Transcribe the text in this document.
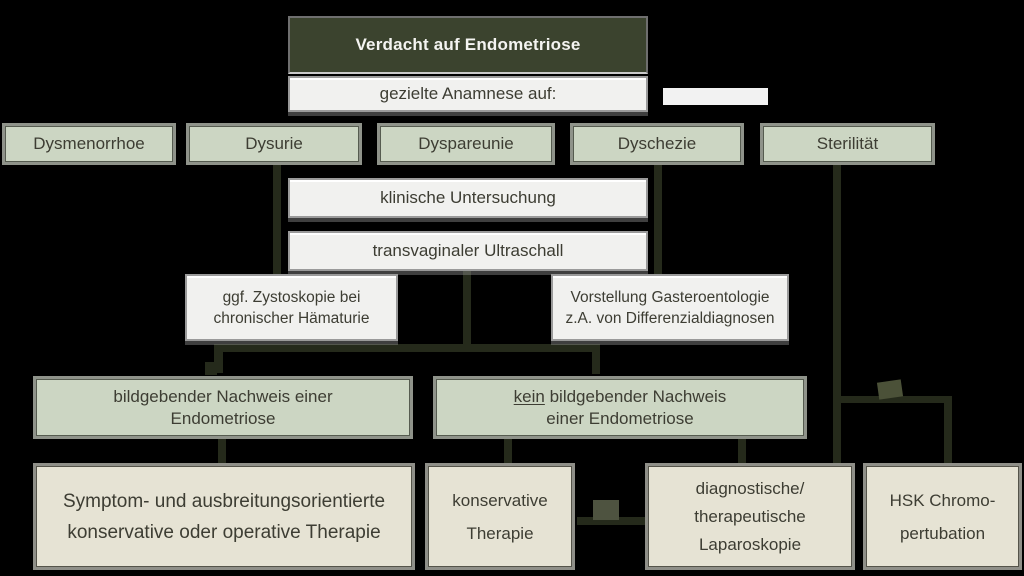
Verdacht auf Endometriose
gezielte Anamnese auf:
Dysmenorrhoe	Dysurie	Dyspareunie	Dyschezie	Sterilität
klinische Untersuchung
transvaginaler Ultraschall
ggf. Zystoskopie bei
chronischer Hämaturie
Vorstellung Gasteroentologie
z.A. von Differenzialdiagnosen
bildgebender Nachweis einer
Endometriose
kein bildgebender Nachweis
einer Endometriose
Symptom- und ausbreitungsorientierte
konservative oder operative Therapie
konservative
Therapie
diagnostische/
therapeutische
Laparoskopie
HSK Chromo-
pertubation
